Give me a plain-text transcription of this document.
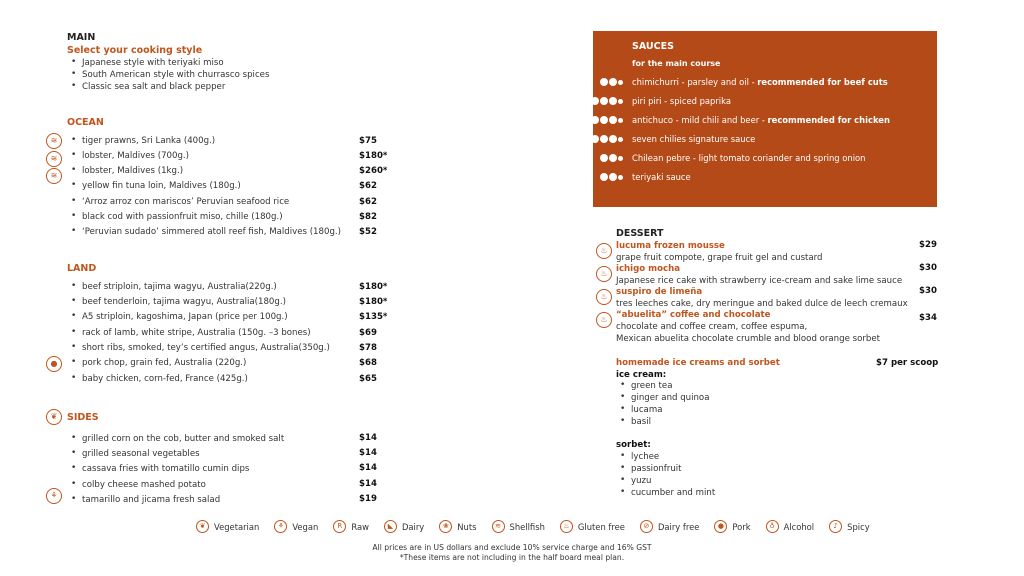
MAIN
Select your cooking style
• Japanese style with teriyaki miso
• South American style with churrasco spices
• Classic sea salt and black pepper
OCEAN
≋
≋
≋
• tiger prawns, Sri Lanka (400g.)	$75
• lobster, Maldives (700g.)	$180*
• lobster, Maldives (1kg.)	$260*
• yellow fin tuna loin, Maldives (180g.)	$62
• ‘Arroz arroz con mariscos’ Peruvian seafood rice	$62
• black cod with passionfruit miso, chille (180g.)	$82
• ‘Peruvian sudado’ simmered atoll reef fish, Maldives (180g.) $52
LAND
●
• beef striploin, tajima wagyu, Australia(220g.)	$180*
• beef tenderloin, tajima wagyu, Australia(180g.)	$180*
• A5 striploin, kagoshima, Japan (price per 100g.)	$135*
• rack of lamb, white stripe, Australia (150g. –3 bones)	$69
• short ribs, smoked, tey’s certified angus, Australia(350g.)	$78
• pork chop, grain fed, Australia (220g.)	$68
• baby chicken, corn-fed, France (425g.)	$65
❦	SIDES
⚘
• grilled corn on the cob, butter and smoked salt	$14
• grilled seasonal vegetables	$14
• cassava fries with tomatillo cumin dips	$14
• colby cheese mashed potato	$14
• tamarillo and jicama fresh salad	$19
SAUCES
for the main course
chimichurri - parsley and oil - recommended for beef cuts
piri piri - spiced paprika
antichuco - mild chili and beer - recommended for chicken
seven chilies signature sauce
Chilean pebre - light tomato coriander and spring onion
teriyaki sauce
DESSERT
♨ lucuma frozen mousse	$29
grape fruit compote, grape fruit gel and custard
♨ ichigo mocha	$30
Japanese rice cake with strawberry ice-cream and sake lime sauce
♨ suspiro de limeña	$30
tres leeches cake, dry meringue and baked dulce de leech cremaux
♨ “abuelita” coffee and chocolate	$34
chocolate and coffee cream, coffee espuma,
Mexican abuelita chocolate crumble and blood orange sorbet
homemade ice creams and sorbet	$7 per scoop
ice cream:
• green tea
• ginger and quinoa
• lucama
• basil
sorbet:
• lychee
• passionfruit
• yuzu
• cucumber and mint
❦	Vegetarian	⚘ Vegan	R	Raw	◣	Dairy	❀	Nuts	≋	Shellfish	♨ Gluten free	⊘	Dairy free	●	Pork	♁	Alcohol	♪	Spicy
All prices are in US dollars and exclude 10% service charge and 16% GST
*These items are not including in the half board meal plan.
